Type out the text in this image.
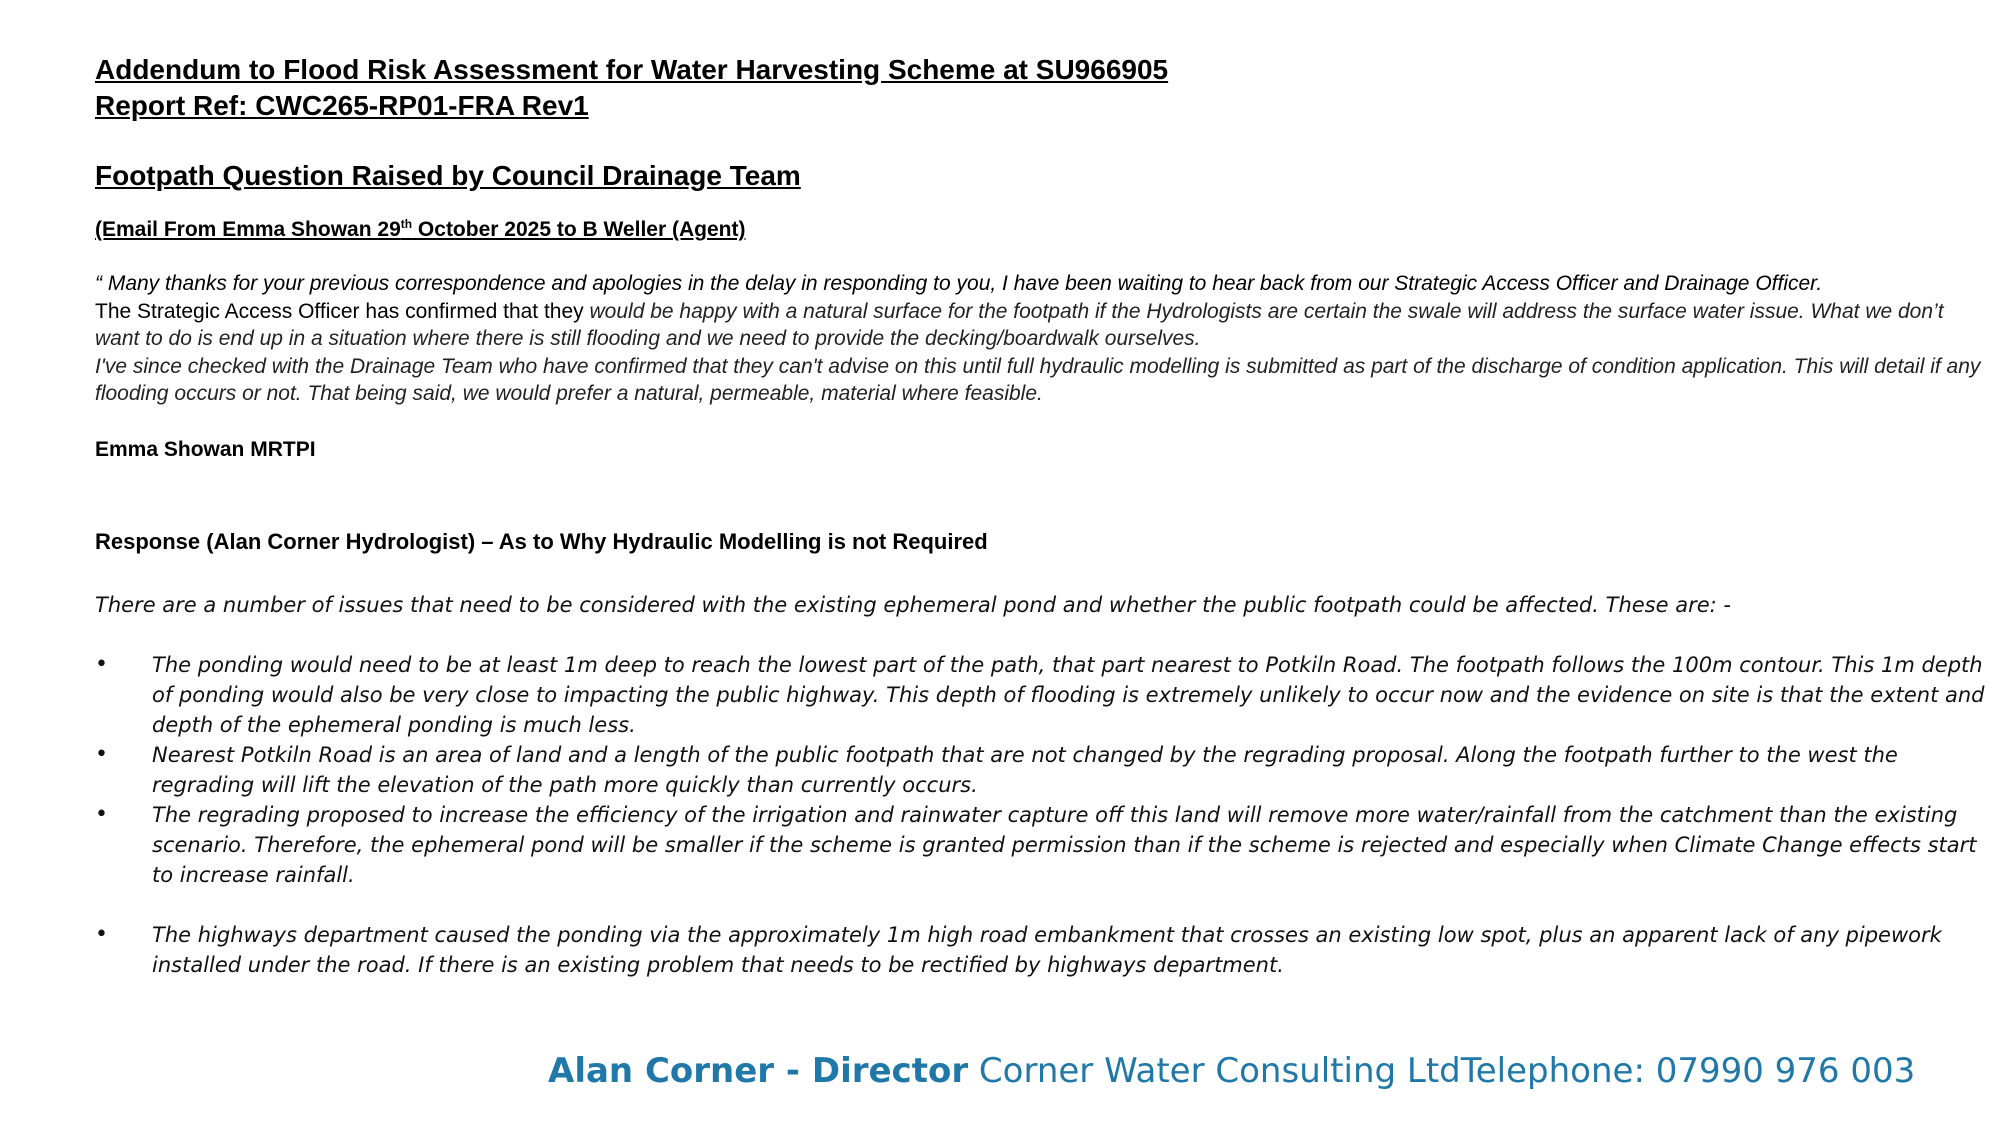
Addendum to Flood Risk Assessment for Water Harvesting Scheme at SU966905
Report Ref: CWC265-RP01-FRA Rev1
Footpath Question Raised by Council Drainage Team
(Email From Emma Showan 29th October 2025 to B Weller (Agent)

“ Many thanks for your previous correspondence and apologies in the delay in responding to you, I have been waiting to hear back from our Strategic Access Officer and Drainage Officer.

The Strategic Access Officer has confirmed that they would be happy with a natural surface for the footpath if the Hydrologists are certain the swale will address the surface water issue. What we don’t want to do is end up in a situation where there is still flooding and we need to provide the decking/boardwalk ourselves.

I've since checked with the Drainage Team who have confirmed that they can't advise on this until full hydraulic modelling is submitted as part of the discharge of condition application. This will detail if any flooding occurs or not. That being said, we would prefer a natural, permeable, material where feasible.

Emma Showan MRTPI
Response (Alan Corner Hydrologist) – As to Why Hydraulic Modelling is not Required
There are a number of issues that need to be considered with the existing ephemeral pond and whether the public footpath could be affected. These are: -
• The ponding would need to be at least 1m deep to reach the lowest part of the path, that part nearest to Potkiln Road. The footpath follows the 100m contour. This 1m depth of ponding would also be very close to impacting the public highway. This depth of flooding is extremely unlikely to occur now and the evidence on site is that the extent and depth of the ephemeral ponding is much less.
• Nearest Potkiln Road is an area of land and a length of the public footpath that are not changed by the regrading proposal. Along the footpath further to the west the regrading will lift the elevation of the path more quickly than currently occurs.
• The regrading proposed to increase the efficiency of the irrigation and rainwater capture off this land will remove more water/rainfall from the catchment than the existing scenario. Therefore, the ephemeral pond will be smaller if the scheme is granted permission than if the scheme is rejected and especially when Climate Change effects start to increase rainfall.
• The highways department caused the ponding via the approximately 1m high road embankment that crosses an existing low spot, plus an apparent lack of any pipework installed under the road. If there is an existing problem that needs to be rectified by highways department.
Alan Corner - Director Corner Water Consulting LtdTelephone: 07990 976 003
